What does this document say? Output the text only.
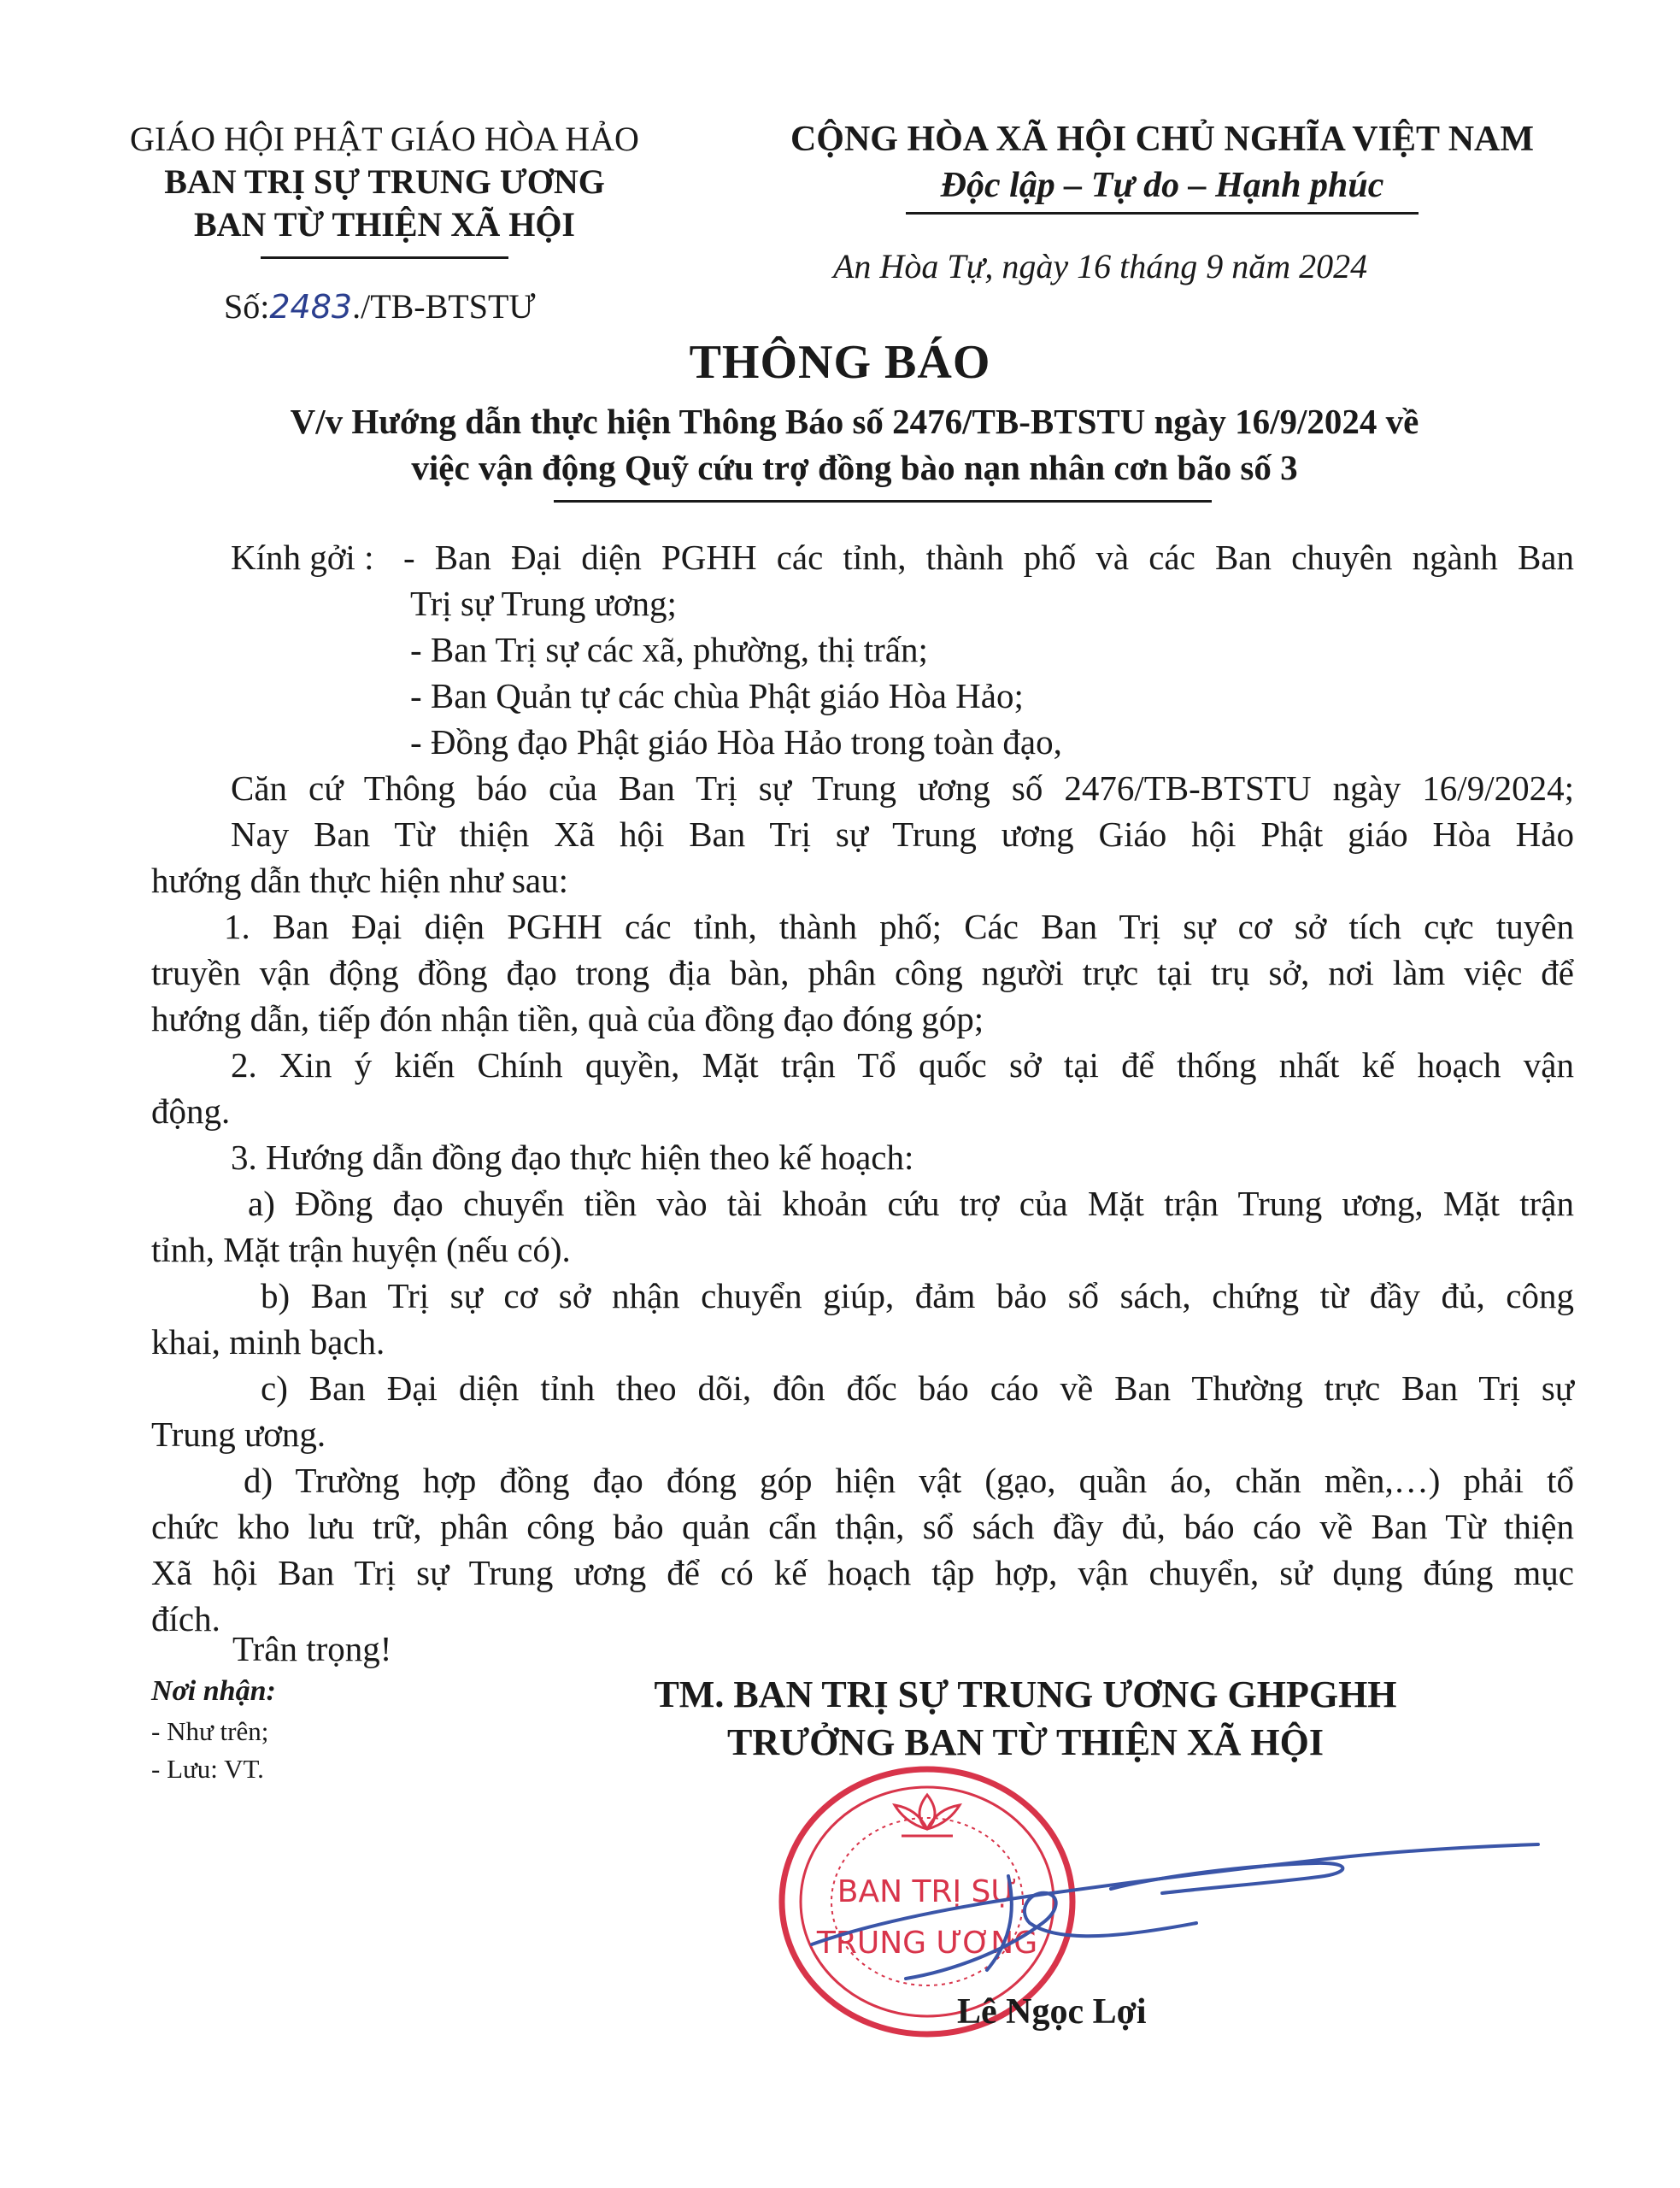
GIÁO HỘI PHẬT GIÁO HÒA HẢO
BAN TRỊ SỰ TRUNG ƯƠNG
BAN TỪ THIỆN XÃ HỘI
Số:2483./TB-BTSTƯ
CỘNG HÒA XÃ HỘI CHỦ NGHĨA VIỆT NAM
Độc lập – Tự do – Hạnh phúc
An Hòa Tự, ngày 16 tháng 9 năm 2024
THÔNG BÁO
V/v Hướng dẫn thực hiện Thông Báo số 2476/TB-BTSTU ngày 16/9/2024 về
việc vận động Quỹ cứu trợ đồng bào nạn nhân cơn bão số 3
Kính gởi : - Ban Đại diện PGHH các tỉnh, thành phố và các Ban chuyên ngành Ban
Trị sự Trung ương;
- Ban Trị sự các xã, phường, thị trấn;
- Ban Quản tự các chùa Phật giáo Hòa Hảo;
- Đồng đạo Phật giáo Hòa Hảo trong toàn đạo,
Căn cứ Thông báo của Ban Trị sự Trung ương số 2476/TB-BTSTU ngày 16/9/2024;
Nay Ban Từ thiện Xã hội Ban Trị sự Trung ương Giáo hội Phật giáo Hòa Hảo
hướng dẫn thực hiện như sau:
1. Ban Đại diện PGHH các tỉnh, thành phố; Các Ban Trị sự cơ sở tích cực tuyên
truyền vận động đồng đạo trong địa bàn, phân công người trực tại trụ sở, nơi làm việc để
hướng dẫn, tiếp đón nhận tiền, quà của đồng đạo đóng góp;
2. Xin ý kiến Chính quyền, Mặt trận Tổ quốc sở tại để thống nhất kế hoạch vận
động.
3. Hướng dẫn đồng đạo thực hiện theo kế hoạch:
a) Đồng đạo chuyển tiền vào tài khoản cứu trợ của Mặt trận Trung ương, Mặt trận
tỉnh, Mặt trận huyện (nếu có).
b) Ban Trị sự cơ sở nhận chuyển giúp, đảm bảo sổ sách, chứng từ đầy đủ, công
khai, minh bạch.
c) Ban Đại diện tỉnh theo dõi, đôn đốc báo cáo về Ban Thường trực Ban Trị sự
Trung ương.
d) Trường hợp đồng đạo đóng góp hiện vật (gạo, quần áo, chăn mền,…) phải tổ
chức kho lưu trữ, phân công bảo quản cẩn thận, sổ sách đầy đủ, báo cáo về Ban Từ thiện
Xã hội Ban Trị sự Trung ương để có kế hoạch tập hợp, vận chuyển, sử dụng đúng mục
đích.
Trân trọng!
Nơi nhận:
- Như trên;
- Lưu: VT.
TM. BAN TRỊ SỰ TRUNG ƯƠNG GHPGHH
TRƯỞNG BAN TỪ THIỆN XÃ HỘI
BAN TRỊ SỰ
TRUNG ƯƠNG
Lê Ngọc Lợi
